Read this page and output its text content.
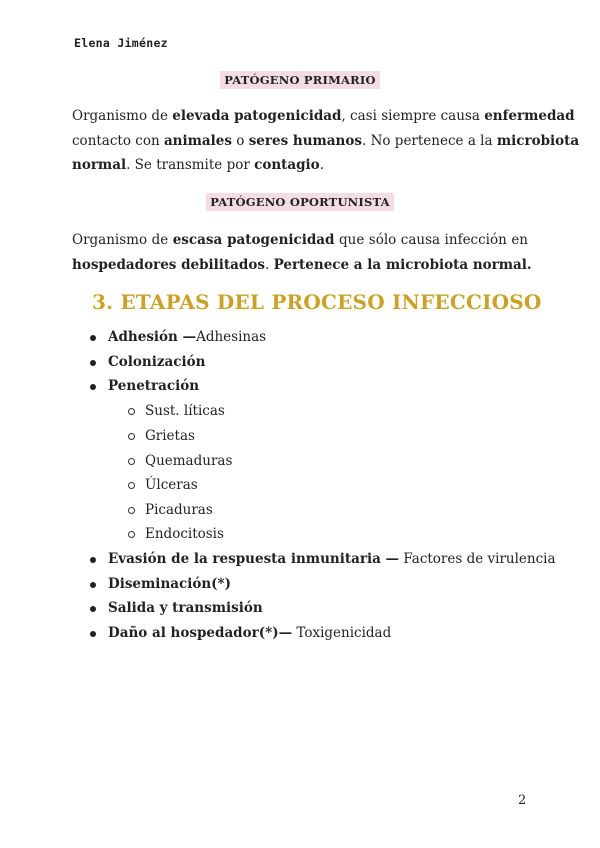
Elena Jiménez
PATÓGENO PRIMARIO
Organismo de elevada patogenicidad, casi siempre causa enfermedad
contacto con animales o seres humanos. No pertenece a la microbiota
normal. Se transmite por contagio.
PATÓGENO OPORTUNISTA
Organismo de escasa patogenicidad que sólo causa infección en
hospedadores debilitados. Pertenece a la microbiota normal.
3. ETAPAS DEL PROCESO INFECCIOSO
Adhesión —Adhesinas
Colonización
Penetración
Sust. líticas
Grietas
Quemaduras
Úlceras
Picaduras
Endocitosis
Evasión de la respuesta inmunitaria — Factores de virulencia
Diseminación(*)
Salida y transmisión
Daño al hospedador(*)— Toxigenicidad
2
